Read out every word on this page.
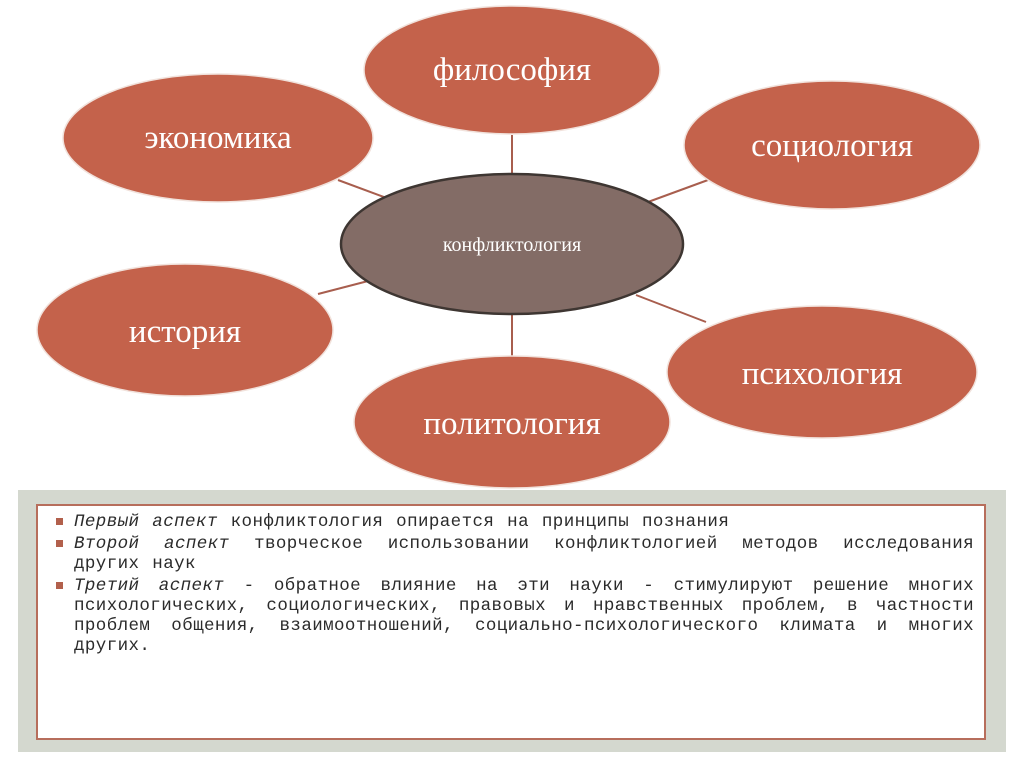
философия
экономика	социология
история
психология
политология
конфликтология
Первый аспект конфликтология опирается на принципы познания
Второй аспект творческое использовании конфликтологией методов исследования других наук
Третий аспект - обратное влияние на эти науки - стимулируют решение многих психологических, социологических, правовых и нравственных проблем, в частности проблем общения, взаимоотношений, социально-психологического климата и многих других.
